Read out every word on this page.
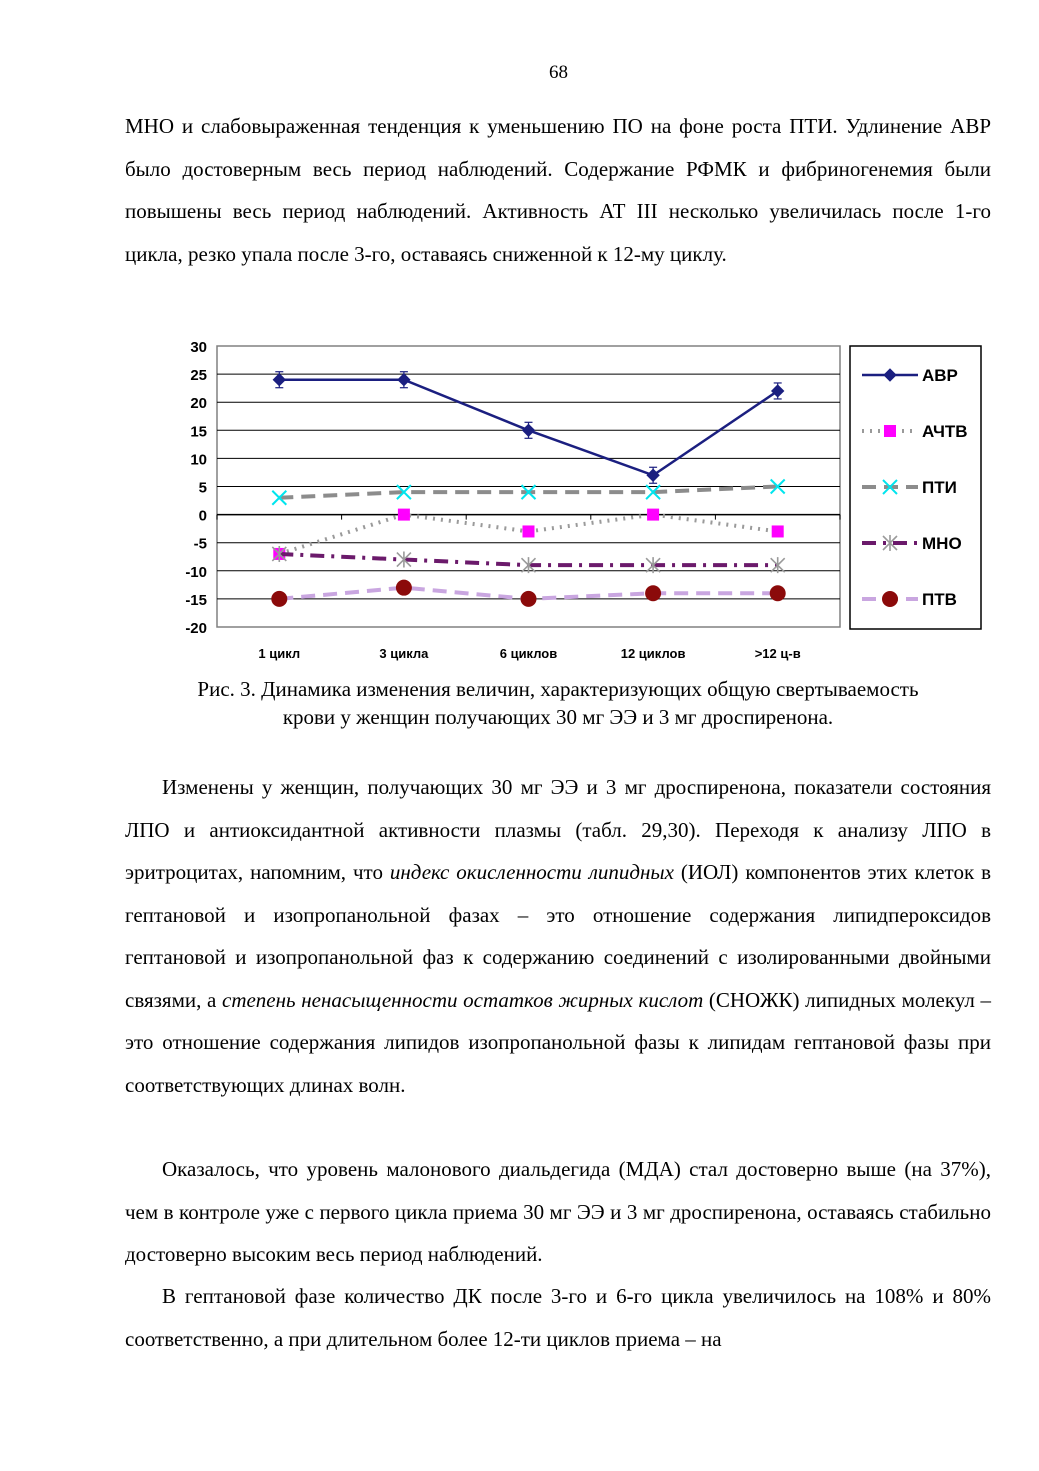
68

МНО и слабовыраженная тенденция к уменьшению ПО на фоне роста ПТИ. Удлинение АВР было достоверным весь период наблюдений. Содержание РФМК и фибриногенемия были повышены весь период наблюдений. Активность АТ III несколько увеличилась после 1-го цикла, резко упала после 3-го, оставаясь сниженной к 12-му циклу.

30
25
20
15
10
5
0
-5
-10
-15
-20
1 цикл	3 цикла	6 циклов	12 циклов	>12 ц-в
АВР
АЧТВ
ПТИ
МНО
ПТВ
Рис. 3. Динамика изменения величин, характеризующих общую свертываемость
крови у женщин получающих 30 мг ЭЭ и 3 мг дроспиренона.

Изменены у женщин, получающих 30 мг ЭЭ и 3 мг дроспиренона, показатели состояния ЛПО и антиоксидантной активности плазмы (табл. 29,30). Переходя к анализу ЛПО в эритроцитах, напомним, что индекс окисленности липидных (ИОЛ) компонентов этих клеток в гептановой и изопропанольной фазах – это отношение содержания липидпероксидов гептановой и изопропанольной фаз к содержанию соединений с изолированными двойными связями, а степень ненасыщенности остатков жирных кислот (СНОЖК) липидных молекул – это отношение содержания липидов изопропанольной фазы к липидам гептановой фазы при соответствующих длинах волн.

Оказалось, что уровень малонового диальдегида (МДА) стал достоверно выше (на 37%), чем в контроле уже с первого цикла приема 30 мг ЭЭ и 3 мг дроспиренона, оставаясь стабильно достоверно высоким весь период наблюдений.

В гептановой фазе количество ДК после 3-го и 6-го цикла увеличилось на 108% и 80% соответственно, а при длительном более 12-ти циклов приема – на
